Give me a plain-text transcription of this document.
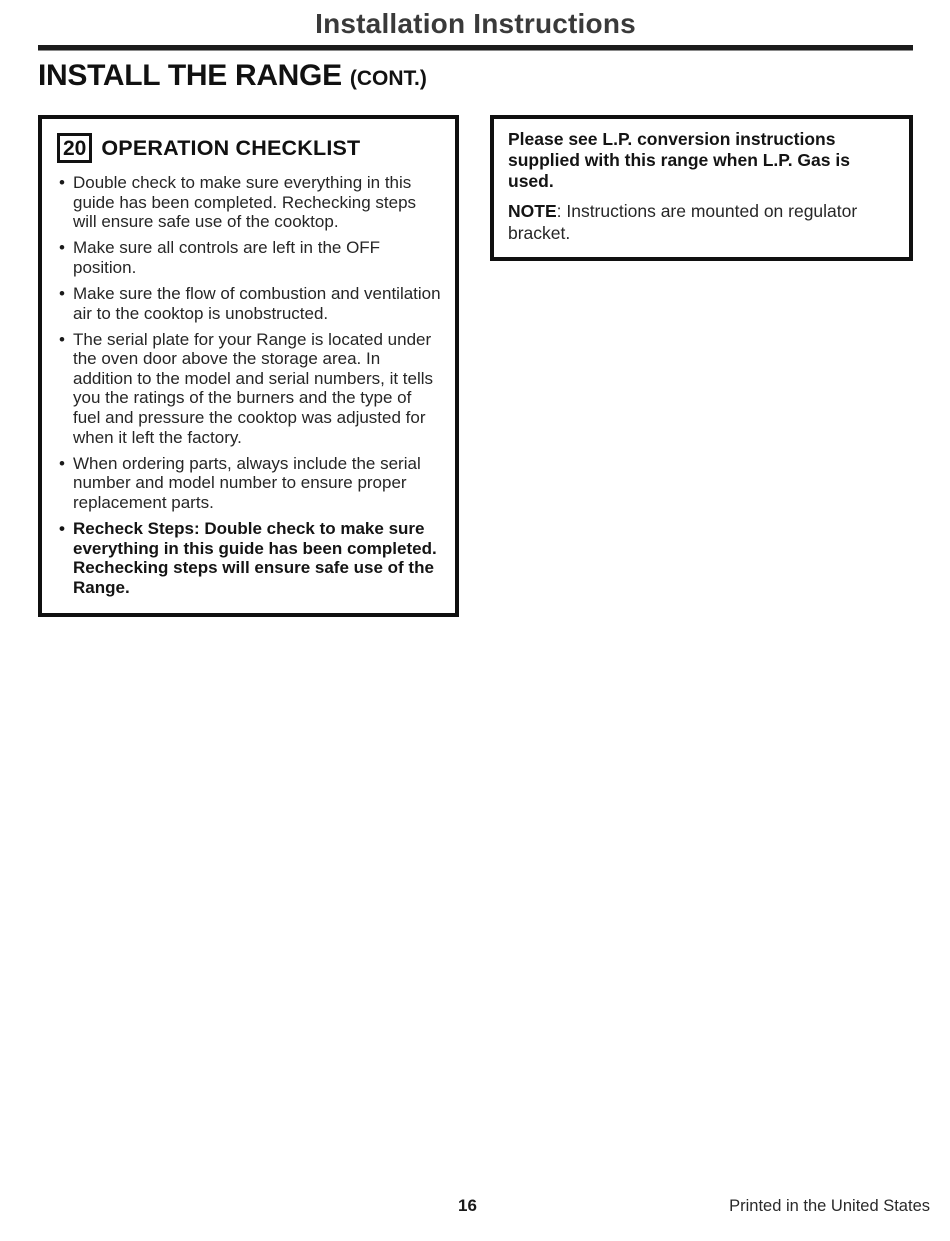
Installation Instructions
INSTALL THE RANGE (CONT.)
20 OPERATION CHECKLIST
• Double check to make sure everything in this guide has been completed. Rechecking steps will ensure safe use of the cooktop.
• Make sure all controls are left in the OFF position.
• Make sure the flow of combustion and ventilation air to the cooktop is unobstructed.
• The serial plate for your Range is located under the oven door above the storage area. In addition to the model and serial numbers, it tells you the ratings of the burners and the type of fuel and pressure the cooktop was adjusted for when it left the factory.
• When ordering parts, always include the serial number and model number to ensure proper replacement parts.
• Recheck Steps: Double check to make sure everything in this guide has been completed. Rechecking steps will ensure safe use of the Range.

Please see L.P. conversion instructions supplied with this range when L.P. Gas is used.

NOTE: Instructions are mounted on regulator bracket.

16	Printed in the United States
